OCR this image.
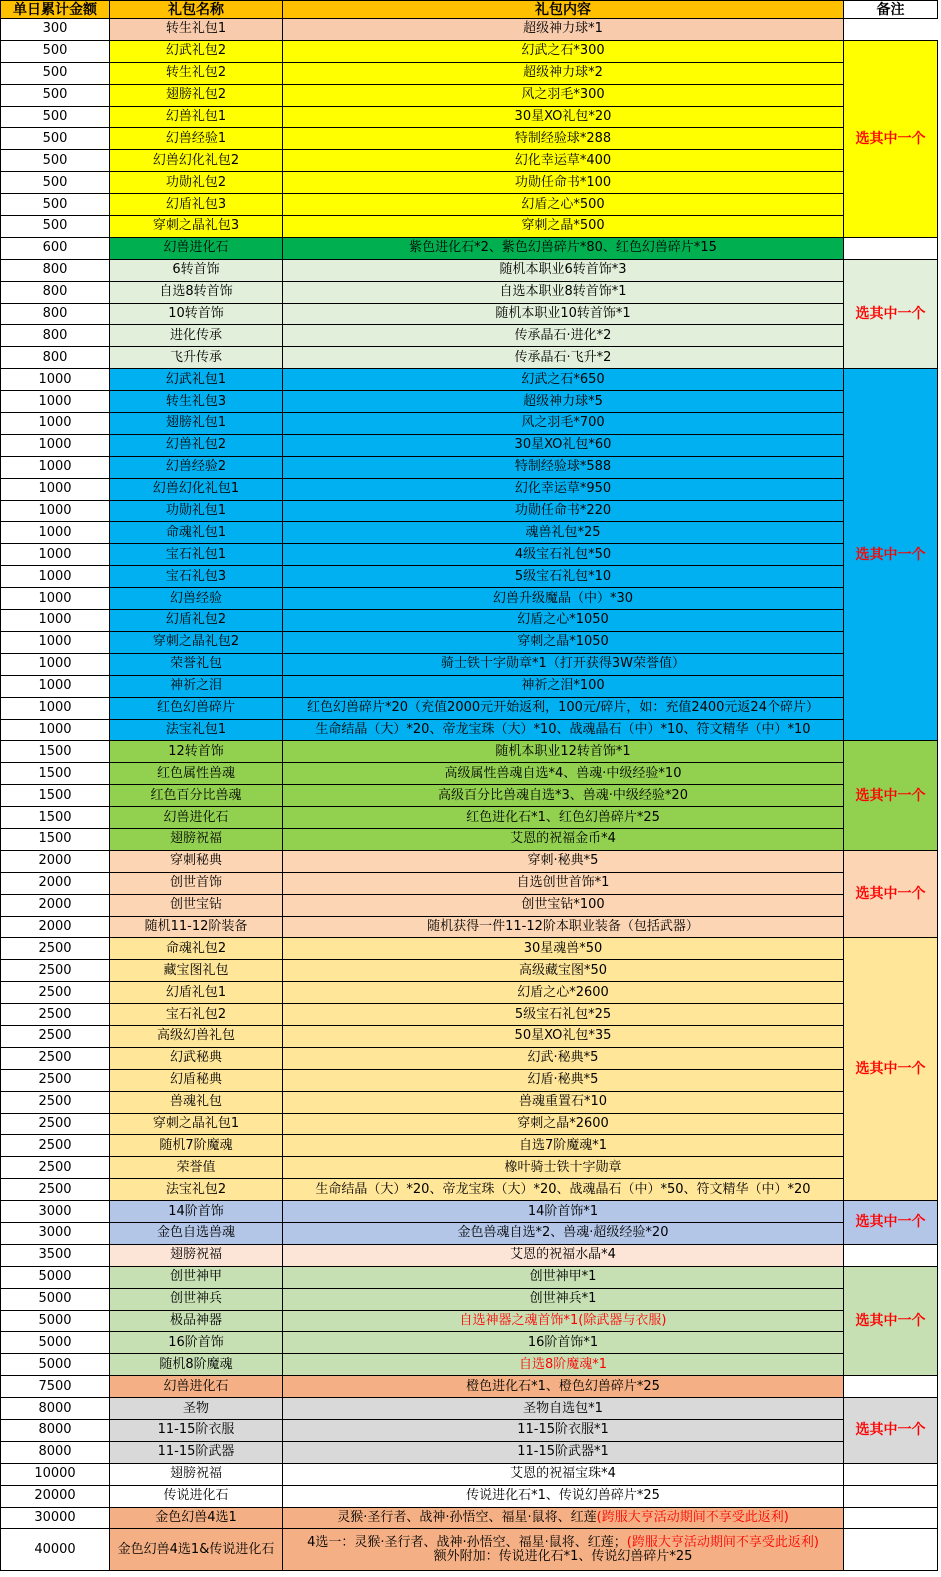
单日累计金额	礼包名称	礼包内容	备注
300	转生礼包1	超级神力球*1	
500	幻武礼包2	幻武之石*300	选其中一个
500	转生礼包2	超级神力球*2	
500	翅膀礼包2	风之羽毛*300	
500	幻兽礼包1	30星XO礼包*20	
500	幻兽经验1	特制经验球*288	
500	幻兽幻化礼包2	幻化幸运草*400	
500	功勋礼包2	功勋任命书*100	
500	幻盾礼包3	幻盾之心*500	
500	穿刺之晶礼包3	穿刺之晶*500	
600	幻兽进化石	紫色进化石*2、紫色幻兽碎片*80、红色幻兽碎片*15	
800	6转首饰	随机本职业6转首饰*3	选其中一个
800	自选8转首饰	自选本职业8转首饰*1	
800	10转首饰	随机本职业10转首饰*1	
800	进化传承	传承晶石·进化*2	
800	飞升传承	传承晶石·飞升*2	
1000	幻武礼包1	幻武之石*650	选其中一个
1000	转生礼包3	超级神力球*5	
1000	翅膀礼包1	风之羽毛*700	
1000	幻兽礼包2	30星XO礼包*60	
1000	幻兽经验2	特制经验球*588	
1000	幻兽幻化礼包1	幻化幸运草*950	
1000	功勋礼包1	功勋任命书*220	
1000	命魂礼包1	魂兽礼包*25	
1000	宝石礼包1	4级宝石礼包*50	
1000	宝石礼包3	5级宝石礼包*10	
1000	幻兽经验	幻兽升级魔晶（中）*30	
1000	幻盾礼包2	幻盾之心*1050	
1000	穿刺之晶礼包2	穿刺之晶*1050	
1000	荣誉礼包	骑士铁十字勋章*1（打开获得3W荣誉值）	
1000	神祈之泪	神祈之泪*100	
1000	红色幻兽碎片	红色幻兽碎片*20（充值2000元开始返利，100元/碎片，如：充值2400元返24个碎片）	
1000	法宝礼包1	生命结晶（大）*20、帝龙宝珠（大）*10、战魂晶石（中）*10、符文精华（中）*10	
1500	12转首饰	随机本职业12转首饰*1	选其中一个
1500	红色属性兽魂	高级属性兽魂自选*4、兽魂·中级经验*10	
1500	红色百分比兽魂	高级百分比兽魂自选*3、兽魂·中级经验*20	
1500	幻兽进化石	红色进化石*1、红色幻兽碎片*25	
1500	翅膀祝福	艾恩的祝福金币*4	
2000	穿刺秘典	穿刺·秘典*5	选其中一个
2000	创世首饰	自选创世首饰*1	
2000	创世宝钻	创世宝钻*100	
2000	随机11-12阶装备	随机获得一件11-12阶本职业装备（包括武器）	
2500	命魂礼包2	30星魂兽*50	选其中一个
2500	藏宝图礼包	高级藏宝图*50	
2500	幻盾礼包1	幻盾之心*2600	
2500	宝石礼包2	5级宝石礼包*25	
2500	高级幻兽礼包	50星XO礼包*35	
2500	幻武秘典	幻武·秘典*5	
2500	幻盾秘典	幻盾·秘典*5	
2500	兽魂礼包	兽魂重置石*10	
2500	穿刺之晶礼包1	穿刺之晶*2600	
2500	随机7阶魔魂	自选7阶魔魂*1	
2500	荣誉值	橡叶骑士铁十字勋章	
2500	法宝礼包2	生命结晶（大）*20、帝龙宝珠（大）*20、战魂晶石（中）*50、符文精华（中）*20	
3000	14阶首饰	14阶首饰*1	选其中一个
3000	金色自选兽魂	金色兽魂自选*2、兽魂·超级经验*20	
3500	翅膀祝福	艾恩的祝福水晶*4	
5000	创世神甲	创世神甲*1	选其中一个
5000	创世神兵	创世神兵*1	
5000	极品神器	自选神器之魂首饰*1(除武器与衣服)	
5000	16阶首饰	16阶首饰*1	
5000	随机8阶魔魂	自选8阶魔魂*1	
7500	幻兽进化石	橙色进化石*1、橙色幻兽碎片*25	
8000	圣物	圣物自选包*1	选其中一个
8000	11-15阶衣服	11-15阶衣服*1	
8000	11-15阶武器	11-15阶武器*1	
10000	翅膀祝福	艾恩的祝福宝珠*4	
20000	传说进化石	传说进化石*1、传说幻兽碎片*25	
30000	金色幻兽4选1	灵猴·圣行者、战神·孙悟空、福星·鼠将、红莲(跨服大亨活动期间不享受此返利)	

40000	金色幻兽4选1&传说进化石	4选一：灵猴·圣行者、战神·孙悟空、福星·鼠将、红莲；(跨服大亨活动期间不享受此返利)
额外附加：传说进化石*1、传说幻兽碎片*25	
